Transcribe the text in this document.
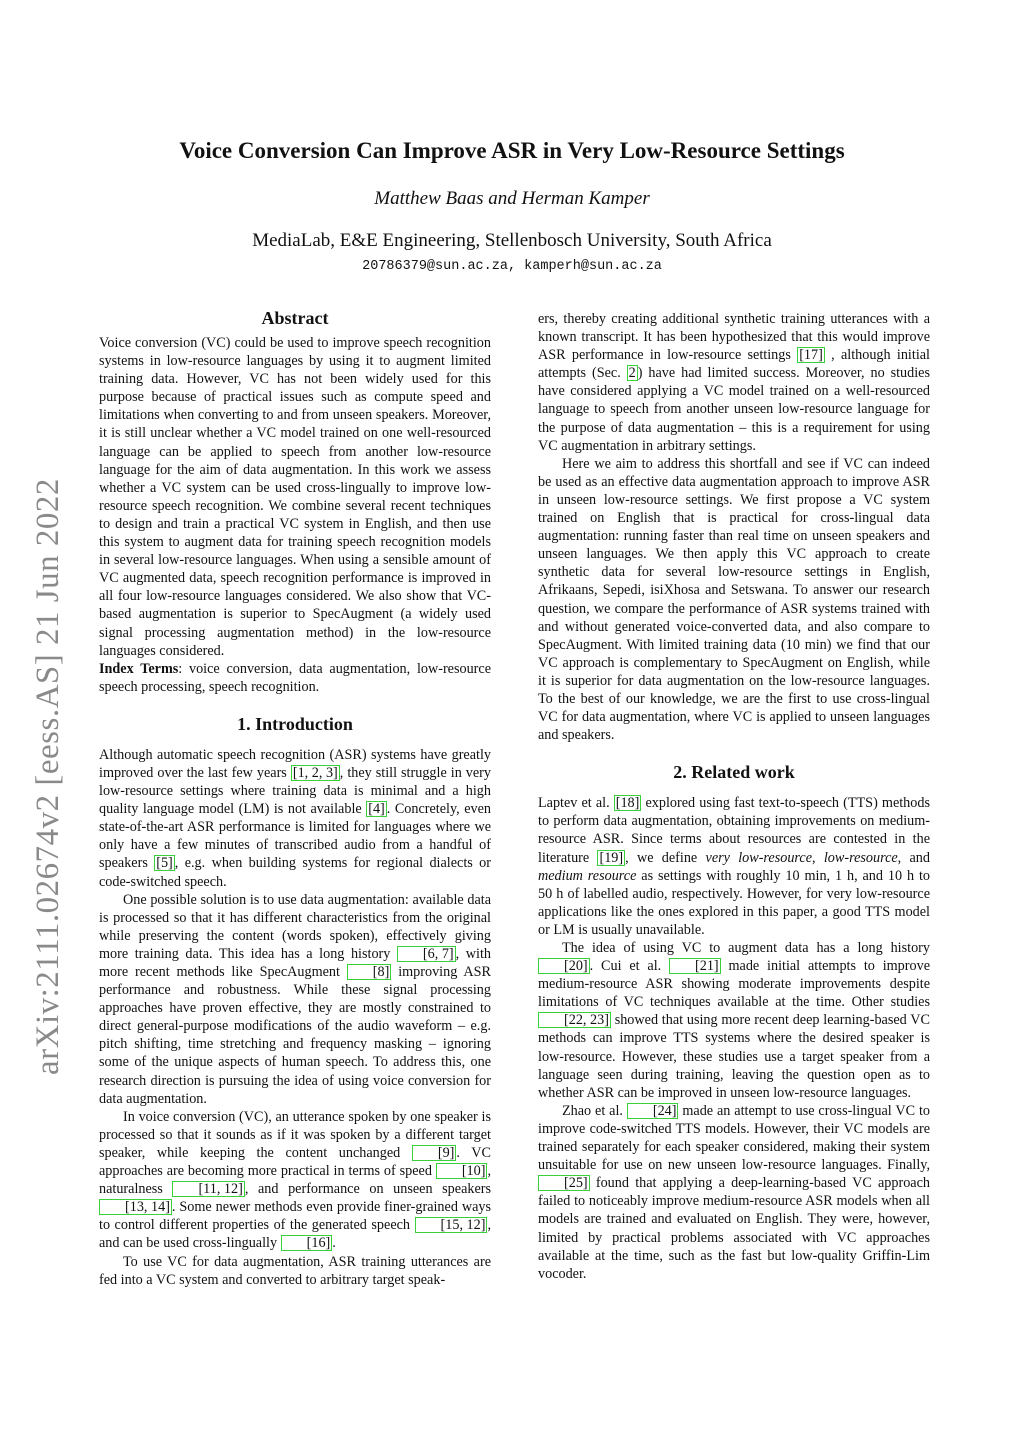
arXiv:2111.02674v2 [eess.AS] 21 Jun 2022
Voice Conversion Can Improve ASR in Very Low-Resource Settings
Matthew Baas and Herman Kamper
MediaLab, E&E Engineering, Stellenbosch University, South Africa
20786379@sun.ac.za, kamperh@sun.ac.za
Abstract

Voice conversion (VC) could be used to improve speech recognition systems in low-resource languages by using it to augment limited training data. However, VC has not been widely used for this purpose because of practical issues such as compute speed and limitations when converting to and from unseen speakers. Moreover, it is still unclear whether a VC model trained on one well-resourced language can be applied to speech from another low-resource language for the aim of data augmentation. In this work we assess whether a VC system can be used cross-lingually to improve low-resource speech recognition. We combine several recent techniques to design and train a practical VC system in English, and then use this system to augment data for training speech recognition models in several low-resource languages. When using a sensible amount of VC augmented data, speech recognition performance is improved in all four low-resource languages considered. We also show that VC-based augmentation is superior to SpecAugment (a widely used signal processing augmentation method) in the low-resource languages considered.

Index Terms: voice conversion, data augmentation, low-resource speech processing, speech recognition.

1. Introduction

Although automatic speech recognition (ASR) systems have greatly improved over the last few years [1, 2, 3] , they still struggle in very low-resource settings where training data is minimal and a high quality language model (LM) is not available [4] . Concretely, even state-of-the-art ASR performance is limited for languages where we only have a few minutes of transcribed audio from a handful of speakers [5] , e.g. when building systems for regional dialects or code-switched speech.

One possible solution is to use data augmentation: available data is processed so that it has different characteristics from the original while preserving the content (words spoken), effectively giving more training data. This idea has a long history [6, 7] , with more recent methods like SpecAugment [8] improving ASR performance and robustness. While these signal processing approaches have proven effective, they are mostly constrained to direct general-purpose modifications of the audio waveform – e.g. pitch shifting, time stretching and frequency masking – ignoring some of the unique aspects of human speech. To address this, one research direction is pursuing the idea of using voice conversion for data augmentation.

In voice conversion (VC), an utterance spoken by one speaker is processed so that it sounds as if it was spoken by a different target speaker, while keeping the content unchanged [9] . VC approaches are becoming more practical in terms of speed [10] , naturalness [11, 12] , and performance on unseen speakers [13, 14] . Some newer methods even provide finer-grained ways to control different properties of the generated speech [15, 12] , and can be used cross-lingually [16] .

To use VC for data augmentation, ASR training utterances are fed into a VC system and converted to arbitrary target speak-

ers, thereby creating additional synthetic training utterances with a known transcript. It has been hypothesized that this would improve ASR performance in low-resource settings [17] , although initial attempts (Sec. 2 ) have had limited success. Moreover, no studies have considered applying a VC model trained on a well-resourced language to speech from another unseen low-resource language for the purpose of data augmentation – this is a requirement for using VC augmentation in arbitrary settings.

Here we aim to address this shortfall and see if VC can indeed be used as an effective data augmentation approach to improve ASR in unseen low-resource settings. We first propose a VC system trained on English that is practical for cross-lingual data augmentation: running faster than real time on unseen speakers and unseen languages. We then apply this VC approach to create synthetic data for several low-resource settings in English, Afrikaans, Sepedi, isiXhosa and Setswana. To answer our research question, we compare the performance of ASR systems trained with and without generated voice-converted data, and also compare to SpecAugment. With limited training data (10 min) we find that our VC approach is complementary to SpecAugment on English, while it is superior for data augmentation on the low-resource languages. To the best of our knowledge, we are the first to use cross-lingual VC for data augmentation, where VC is applied to unseen languages and speakers.

2. Related work

Laptev et al. [18] explored using fast text-to-speech (TTS) methods to perform data augmentation, obtaining improvements on medium-resource ASR. Since terms about resources are contested in the literature [19] , we define very low-resource, low-resource, and medium resource as settings with roughly 10 min, 1 h, and 10 h to 50 h of labelled audio, respectively. However, for very low-resource applications like the ones explored in this paper, a good TTS model or LM is usually unavailable.

The idea of using VC to augment data has a long history [20] . Cui et al. [21] made initial attempts to improve medium-resource ASR showing moderate improvements despite limitations of VC techniques available at the time. Other studies [22, 23] showed that using more recent deep learning-based VC methods can improve TTS systems where the desired speaker is low-resource. However, these studies use a target speaker from a language seen during training, leaving the question open as to whether ASR can be improved in unseen low-resource languages.

Zhao et al. [24] made an attempt to use cross-lingual VC to improve code-switched TTS models. However, their VC models are trained separately for each speaker considered, making their system unsuitable for use on new unseen low-resource languages. Finally, [25] found that applying a deep-learning-based VC approach failed to noticeably improve medium-resource ASR models when all models are trained and evaluated on English. They were, however, limited by practical problems associated with VC approaches available at the time, such as the fast but low-quality Griffin-Lim vocoder.
